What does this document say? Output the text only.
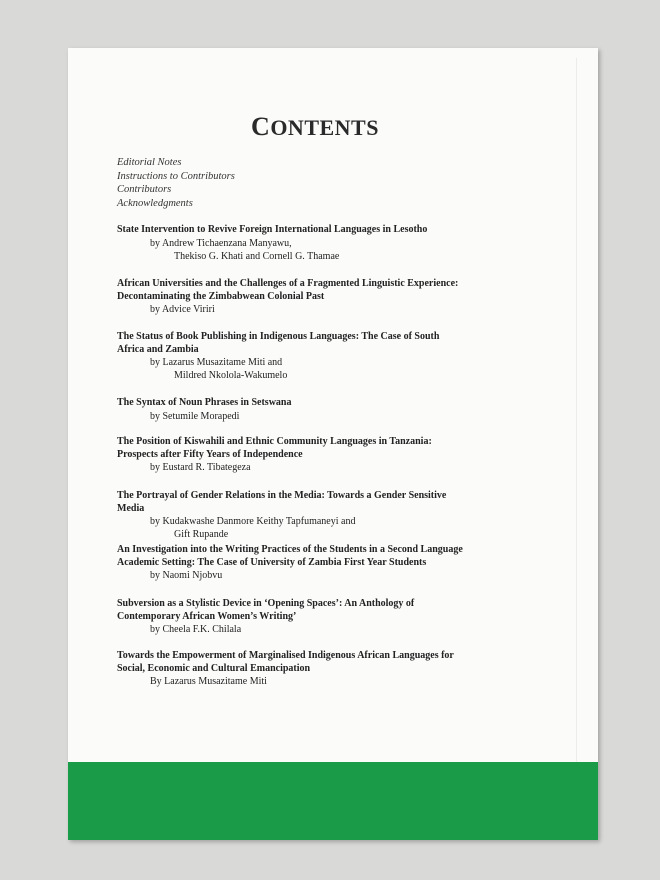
CONTENTS
Editorial Notes
Instructions to Contributors
Contributors
Acknowledgments
State Intervention to Revive Foreign International Languages in Lesotho
by Andrew Tichaenzana Manyawu,
Thekiso G. Khati and Cornell G. Thamae
African Universities and the Challenges of a Fragmented Linguistic Experience:
Decontaminating the Zimbabwean Colonial Past
by Advice Viriri
The Status of Book Publishing in Indigenous Languages: The Case of South
Africa and Zambia
by Lazarus Musazitame Miti and
Mildred Nkolola-Wakumelo
The Syntax of Noun Phrases in Setswana
by Setumile Morapedi
The Position of Kiswahili and Ethnic Community Languages in Tanzania:
Prospects after Fifty Years of Independence
by Eustard R. Tibategeza
The Portrayal of Gender Relations in the Media: Towards a Gender Sensitive
Media
by Kudakwashe Danmore Keithy Tapfumaneyi and
Gift Rupande
An Investigation into the Writing Practices of the Students in a Second Language
Academic Setting: The Case of University of Zambia First Year Students
by Naomi Njobvu
Subversion as a Stylistic Device in ‘Opening Spaces’: An Anthology of
Contemporary African Women’s Writing’
by Cheela F.K. Chilala
Towards the Empowerment of Marginalised Indigenous African Languages for
Social, Economic and Cultural Emancipation
By Lazarus Musazitame Miti
